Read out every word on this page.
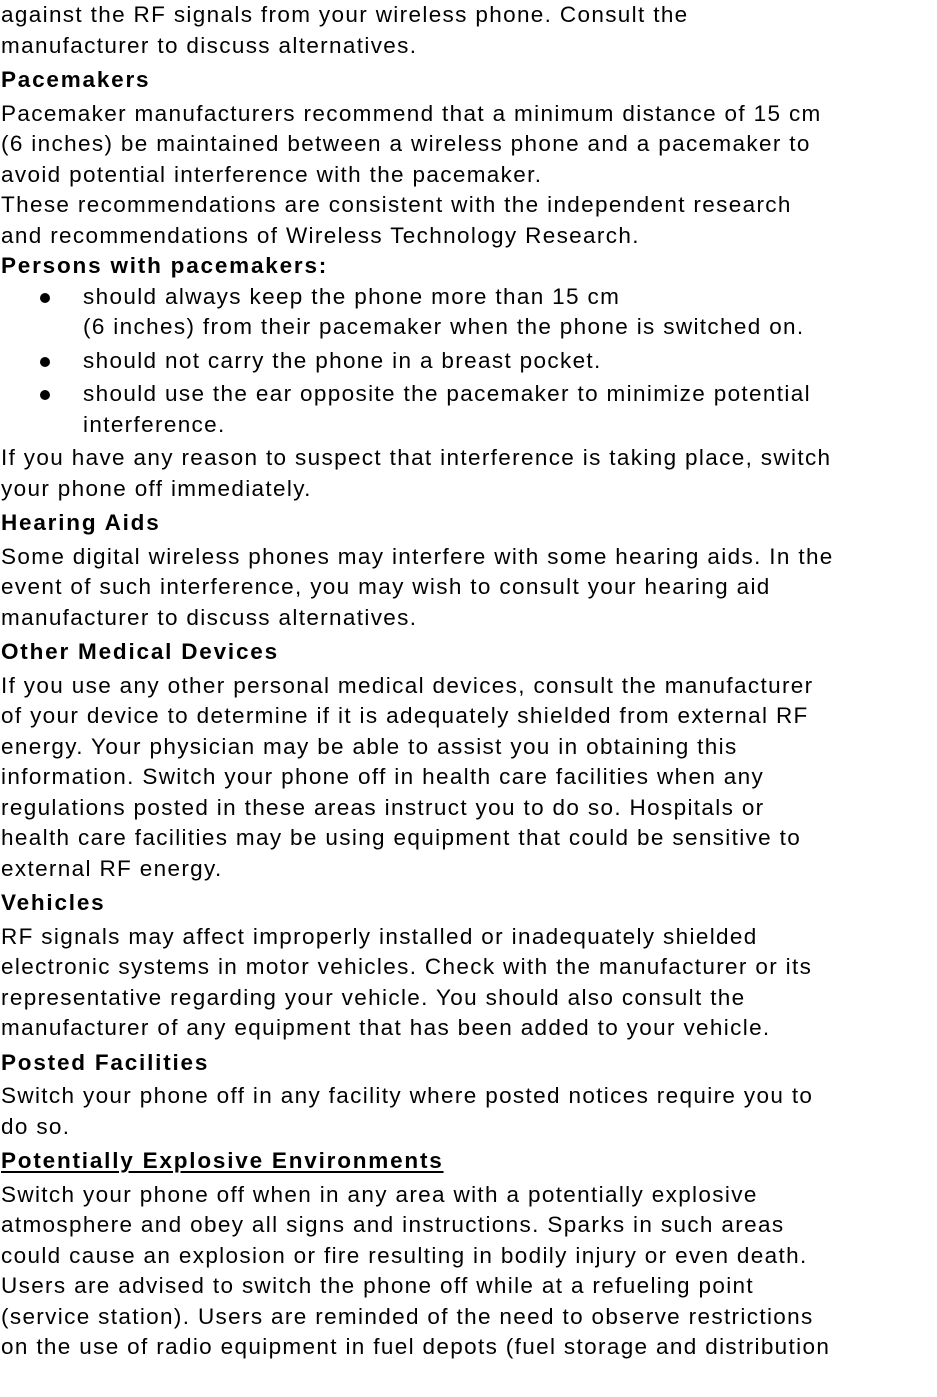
against the RF signals from your wireless phone. Consult the

manufacturer to discuss alternatives.

Pacemakers

Pacemaker manufacturers recommend that a minimum distance of 15 cm

(6 inches) be maintained between a wireless phone and a pacemaker to

avoid potential interference with the pacemaker.

These recommendations are consistent with the independent research

and recommendations of Wireless Technology Research.

Persons with pacemakers:

should always keep the phone more than 15 cm
(6 inches) from their pacemaker when the phone is switched on.
should not carry the phone in a breast pocket.
should use the ear opposite the pacemaker to minimize potential
interference.

If you have any reason to suspect that interference is taking place, switch

your phone off immediately.

Hearing Aids

Some digital wireless phones may interfere with some hearing aids. In the

event of such interference, you may wish to consult your hearing aid

manufacturer to discuss alternatives.

Other Medical Devices

If you use any other personal medical devices, consult the manufacturer

of your device to determine if it is adequately shielded from external RF

energy. Your physician may be able to assist you in obtaining this

information. Switch your phone off in health care facilities when any

regulations posted in these areas instruct you to do so. Hospitals or

health care facilities may be using equipment that could be sensitive to

external RF energy.

Vehicles

RF signals may affect improperly installed or inadequately shielded

electronic systems in motor vehicles. Check with the manufacturer or its

representative regarding your vehicle. You should also consult the

manufacturer of any equipment that has been added to your vehicle.

Posted Facilities

Switch your phone off in any facility where posted notices require you to

do so.

Potentially Explosive Environments

Switch your phone off when in any area with a potentially explosive

atmosphere and obey all signs and instructions. Sparks in such areas

could cause an explosion or fire resulting in bodily injury or even death.

Users are advised to switch the phone off while at a refueling point

(service station). Users are reminded of the need to observe restrictions

on the use of radio equipment in fuel depots (fuel storage and distribution
